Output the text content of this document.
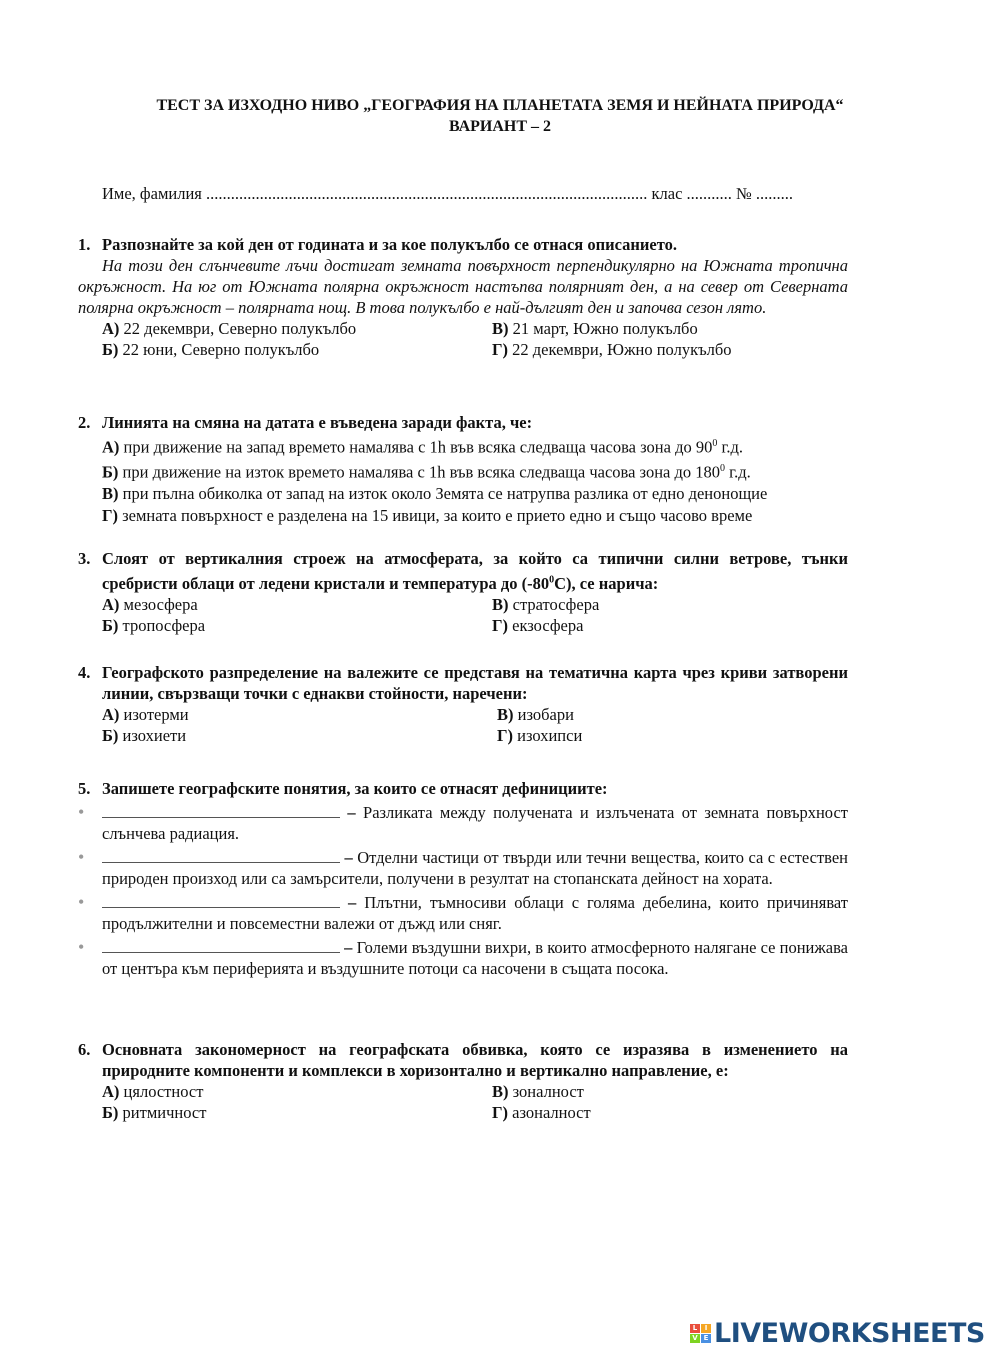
ТЕСТ ЗА ИЗХОДНО НИВО „ГЕОГРАФИЯ НА ПЛАНЕТАТА ЗЕМЯ И НЕЙНАТА ПРИРОДА“
ВАРИАНТ – 2
Име, фамилия ........................................................................................................... клас ........... № .........
1. Разпознайте за кой ден от годината и за кое полукълбо се отнася описанието.
На този ден слънчевите лъчи достигат земната повърхност перпендикулярно на Южната тропична окръжност. На юг от Южната полярна окръжност настъпва полярният ден, а на север от Северната полярна окръжност – полярната нощ. В това полукълбо е най-дългият ден и започва сезон лято.
А) 22 декември, Северно полукълбо	В) 21 март, Южно полукълбо
Б) 22 юни, Северно полукълбо	Г) 22 декември, Южно полукълбо
2. Линията на смяна на датата е въведена заради факта, че:
А) при движение на запад времето намалява с 1h във всяка следваща часова зона до $90^0$ г.д.
Б) при движение на изток времето намалява с 1h във всяка следваща часова зона до $180^0$ г.д.
В) при пълна обиколка от запад на изток около Земята се натрупва разлика от едно денонощие
Г) земната повърхност е разделена на 15 ивици, за които е прието едно и също часово време
3. Слоят от вертикалния строеж на атмосферата, за който са типични силни ветрове, тънки сребристи облаци от ледени кристали и температура до $(-80^0C)$, се нарича:
А) мезосфера	В) стратосфера
Б) тропосфера	Г) екзосфера
4. Географското разпределение на валежите се представя на тематична карта чрез криви затворени линии, свързващи точки с еднакви стойности, наречени:
А) изотерми	В) изобари
Б) изохиети	Г) изохипси
5. Запишете географските понятия, за които се отнасят дефинициите:
•	– Разликата между получената и излъчената от земната повърхност слънчева радиация.
•	– Отделни частици от твърди или течни вещества, които са с естествен природен произход или са замърсители, получени в резултат на стопанската дейност на хората.
•	– Плътни, тъмносиви облаци с голяма дебелина, които причиняват продължителни и повсеместни валежи от дъжд или сняг.
•	– Големи въздушни вихри, в които атмосферното налягане се понижава от центъра към периферията и въздушните потоци са насочени в същата посока.
6. Основната закономерност на географската обвивка, която се изразява в изменението на природните компоненти и комплекси в хоризонтално и вертикално направление, е:
А) цялостност	В) зоналност
Б) ритмичност	Г) азоналност
L	I
V E LIVEWORKSHEETS
